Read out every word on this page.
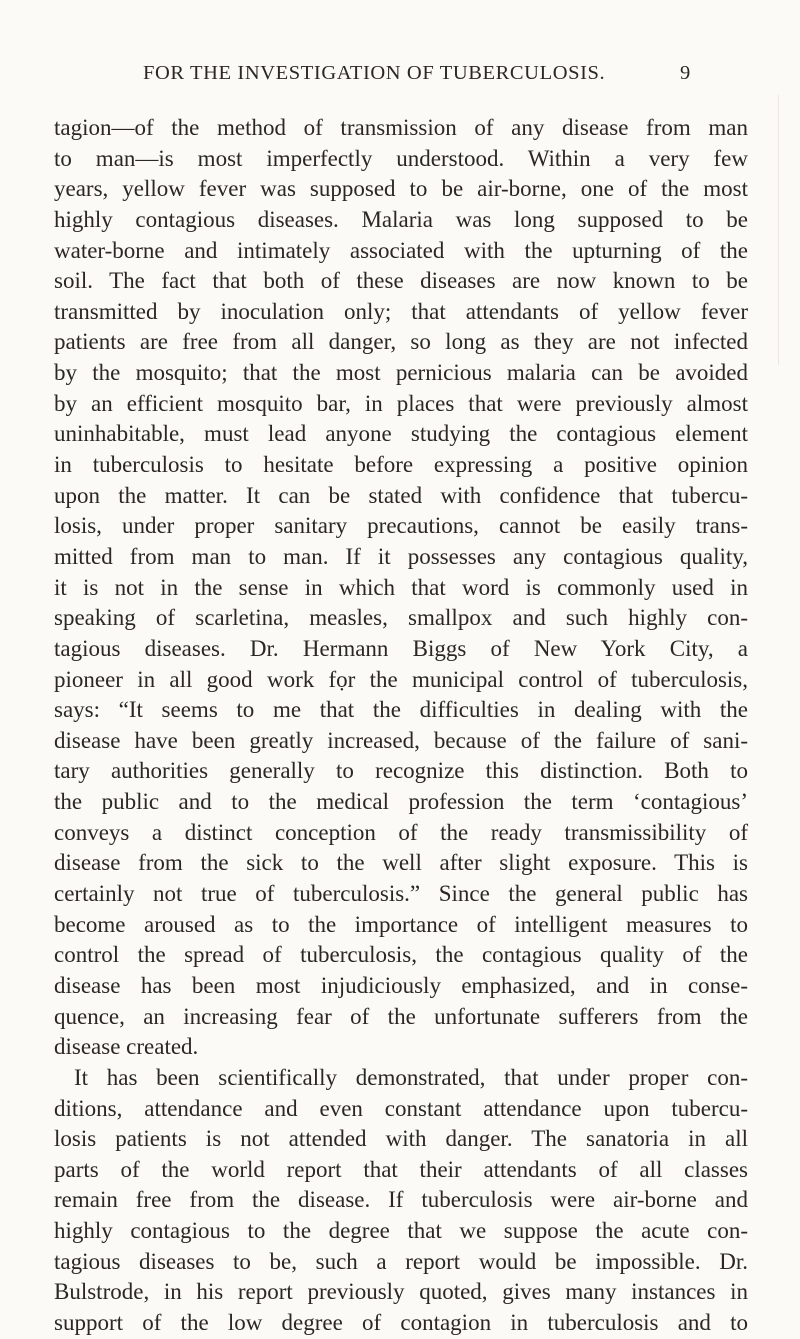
FOR THE INVESTIGATION OF TUBERCULOSIS.	9
tagion—of the method of transmission of any disease from man
to man—is most imperfectly understood. Within a very few
years, yellow fever was supposed to be air-borne, one of the most
highly contagious diseases. Malaria was long supposed to be
water-borne and intimately associated with the upturning of the
soil. The fact that both of these diseases are now known to be
transmitted by inoculation only; that attendants of yellow fever
patients are free from all danger, so long as they are not infected
by the mosquito; that the most pernicious malaria can be avoided
by an efficient mosquito bar, in places that were previously almost
uninhabitable, must lead anyone studying the contagious element
in tuberculosis to hesitate before expressing a positive opinion
upon the matter. It can be stated with confidence that tubercu-
losis, under proper sanitary precautions, cannot be easily trans-
mitted from man to man. If it possesses any contagious quality,
it is not in the sense in which that word is commonly used in
speaking of scarletina, measles, smallpox and such highly con-
tagious diseases. Dr. Hermann Biggs of New York City, a
pioneer in all good work fọr the municipal control of tuberculosis,
says: “It seems to me that the difficulties in dealing with the
disease have been greatly increased, because of the failure of sani-
tary authorities generally to recognize this distinction. Both to
the public and to the medical profession the term ‘contagious’
conveys a distinct conception of the ready transmissibility of
disease from the sick to the well after slight exposure. This is
certainly not true of tuberculosis.” Since the general public has
become aroused as to the importance of intelligent measures to
control the spread of tuberculosis, the contagious quality of the
disease has been most injudiciously emphasized, and in conse-
quence, an increasing fear of the unfortunate sufferers from the
disease created.
It has been scientifically demonstrated, that under proper con-
ditions, attendance and even constant attendance upon tubercu-
losis patients is not attended with danger. The sanatoria in all
parts of the world report that their attendants of all classes
remain free from the disease. If tuberculosis were air-borne and
highly contagious to the degree that we suppose the acute con-
tagious diseases to be, such a report would be impossible. Dr.
Bulstrode, in his report previously quoted, gives many instances in
support of the low degree of contagion in tuberculosis and to
